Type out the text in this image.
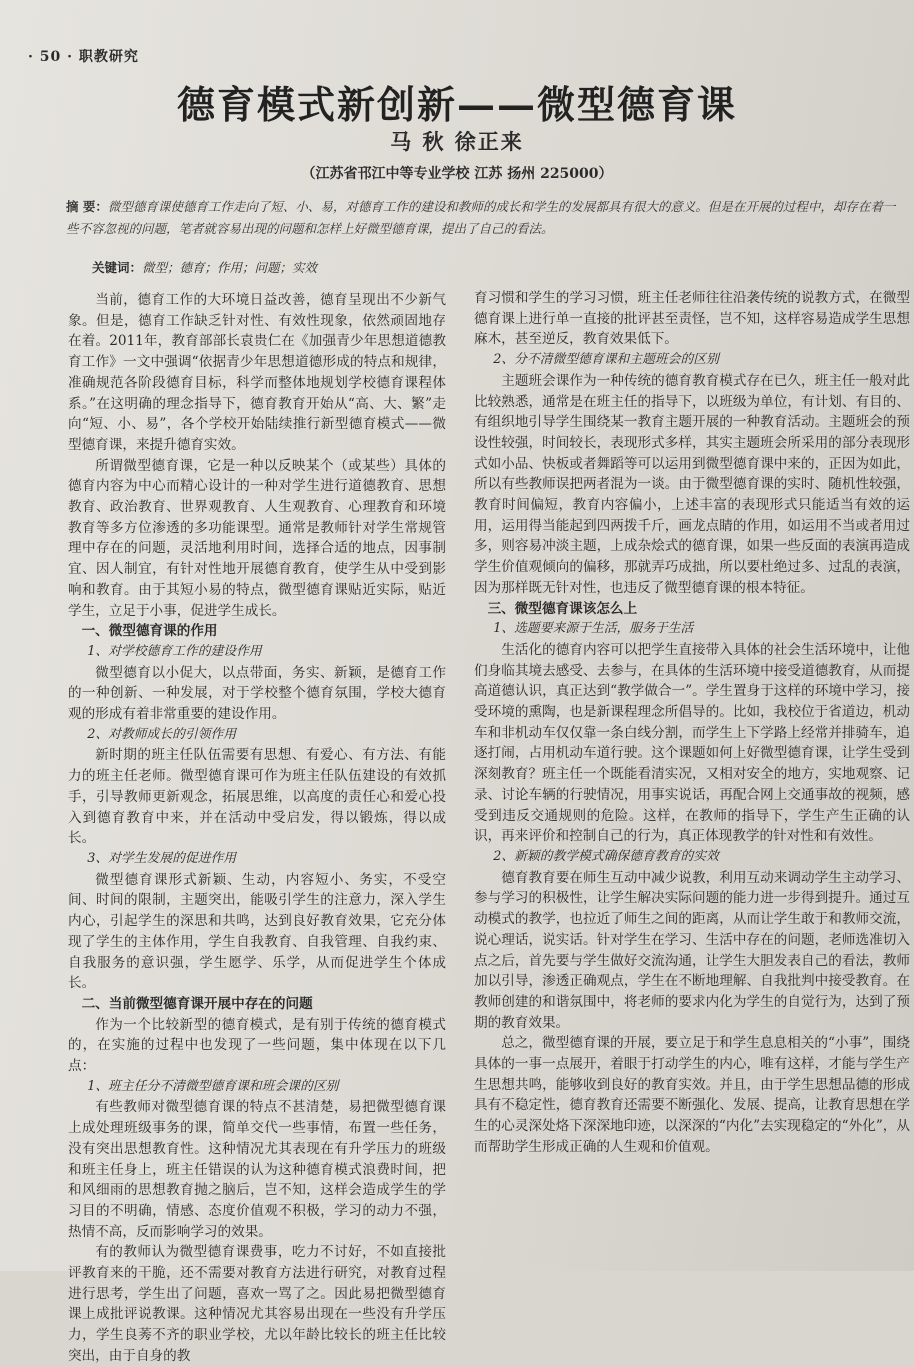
· 50 · 职教研究
德育模式新创新——微型德育课
马 秋 徐正来
（江苏省邗江中等专业学校 江苏 扬州 225000）
摘 要：微型德育课使德育工作走向了短、小、易，对德育工作的建设和教师的成长和学生的发展都具有很大的意义。但是在开展的过程中，却存在着一些不容忽视的问题，笔者就容易出现的问题和怎样上好微型德育课，提出了自己的看法。
关键词：微型；德育；作用；问题；实效

当前，德育工作的大环境日益改善，德育呈现出不少新气象。但是，德育工作缺乏针对性、有效性现象，依然顽固地存在着。2011年，教育部部长袁贵仁在《加强青少年思想道德教育工作》一文中强调“依据青少年思想道德形成的特点和规律，准确规范各阶段德育目标，科学而整体地规划学校德育课程体系。”在这明确的理念指导下，德育教育开始从“高、大、繁”走向“短、小、易”，各个学校开始陆续推行新型德育模式——微型德育课，来提升德育实效。

所谓微型德育课，它是一种以反映某个（或某些）具体的德育内容为中心而精心设计的一种对学生进行道德教育、思想教育、政治教育、世界观教育、人生观教育、心理教育和环境教育等多方位渗透的多功能课型。通常是教师针对学生常规管理中存在的问题，灵活地利用时间，选择合适的地点，因事制宜、因人制宜，有针对性地开展德育教育，使学生从中受到影响和教育。由于其短小易的特点，微型德育课贴近实际，贴近学生，立足于小事，促进学生成长。

一、微型德育课的作用

1、对学校德育工作的建设作用

微型德育以小促大，以点带面，务实、新颖，是德育工作的一种创新、一种发展，对于学校整个德育氛围，学校大德育观的形成有着非常重要的建设作用。

2、对教师成长的引领作用

新时期的班主任队伍需要有思想、有爱心、有方法、有能力的班主任老师。微型德育课可作为班主任队伍建设的有效抓手，引导教师更新观念，拓展思维，以高度的责任心和爱心投入到德育教育中来，并在活动中受启发，得以锻炼，得以成长。

3、对学生发展的促进作用

微型德育课形式新颖、生动，内容短小、务实，不受空间、时间的限制，主题突出，能吸引学生的注意力，深入学生内心，引起学生的深思和共鸣，达到良好教育效果，它充分体现了学生的主体作用，学生自我教育、自我管理、自我约束、自我服务的意识强，学生愿学、乐学，从而促进学生个体成长。

二、当前微型德育课开展中存在的问题

作为一个比较新型的德育模式，是有别于传统的德育模式的，在实施的过程中也发现了一些问题，集中体现在以下几点：

1、班主任分不清微型德育课和班会课的区别

有些教师对微型德育课的特点不甚清楚，易把微型德育课上成处理班级事务的课，简单交代一些事情，布置一些任务，没有突出思想教育性。这种情况尤其表现在有升学压力的班级和班主任身上，班主任错误的认为这种德育模式浪费时间，把和风细雨的思想教育抛之脑后，岂不知，这样会造成学生的学习目的不明确，情感、态度价值观不积极，学习的动力不强，热情不高，反而影响学习的效果。

有的教师认为微型德育课费事，吃力不讨好，不如直接批评教育来的干脆，还不需要对教育方法进行研究，对教育过程进行思考，学生出了问题，喜欢一骂了之。因此易把微型德育课上成批评说教课。这种情况尤其容易出现在一些没有升学压力，学生良莠不齐的职业学校，尤以年龄比较长的班主任比较突出，由于自身的教

育习惯和学生的学习习惯，班主任老师往往沿袭传统的说教方式，在微型德育课上进行单一直接的批评甚至责怪，岂不知，这样容易造成学生思想麻木，甚至逆反，教育效果低下。

2、分不清微型德育课和主题班会的区别

主题班会课作为一种传统的德育教育模式存在已久，班主任一般对此比较熟悉，通常是在班主任的指导下，以班级为单位，有计划、有目的、有组织地引导学生围绕某一教育主题开展的一种教育活动。主题班会的预设性较强，时间较长，表现形式多样，其实主题班会所采用的部分表现形式如小品、快板或者舞蹈等可以运用到微型德育课中来的，正因为如此，所以有些教师误把两者混为一谈。由于微型德育课的实时、随机性较强，教育时间偏短，教育内容偏小，上述丰富的表现形式只能适当有效的运用，运用得当能起到四两拨千斤，画龙点睛的作用，如运用不当或者用过多，则容易冲淡主题，上成杂烩式的德育课，如果一些反面的表演再造成学生价值观倾向的偏移，那就弄巧成拙，所以要杜绝过多、过乱的表演，因为那样既无针对性，也违反了微型德育课的根本特征。

三、微型德育课该怎么上

1、选题要来源于生活，服务于生活

生活化的德育内容可以把学生直接带入具体的社会生活环境中，让他们身临其境去感受、去参与，在具体的生活环境中接受道德教育，从而提高道德认识，真正达到“教学做合一”。学生置身于这样的环境中学习，接受环境的熏陶，也是新课程理念所倡导的。比如，我校位于省道边，机动车和非机动车仅仅靠一条白线分割，而学生上下学路上经常并排骑车，追逐打闹，占用机动车道行驶。这个课题如何上好微型德育课，让学生受到深刻教育？班主任一个既能看清实况，又相对安全的地方，实地观察、记录、讨论车辆的行驶情况，用事实说话，再配合网上交通事故的视频，感受到违反交通规则的危险。这样，在教师的指导下，学生产生正确的认识，再来评价和控制自己的行为，真正体现教学的针对性和有效性。

2、新颖的教学模式确保德育教育的实效

德育教育要在师生互动中减少说教，利用互动来调动学生主动学习、参与学习的积极性，让学生解决实际问题的能力进一步得到提升。通过互动模式的教学，也拉近了师生之间的距离，从而让学生敢于和教师交流，说心理话，说实话。针对学生在学习、生活中存在的问题，老师选准切入点之后，首先要与学生做好交流沟通，让学生大胆发表自己的看法，教师加以引导，渗透正确观点，学生在不断地理解、自我批判中接受教育。在教师创建的和谐氛围中，将老师的要求内化为学生的自觉行为，达到了预期的教育效果。

总之，微型德育课的开展，要立足于和学生息息相关的“小事”，围绕具体的一事一点展开，着眼于打动学生的内心，唯有这样，才能与学生产生思想共鸣，能够收到良好的教育实效。并且，由于学生思想品德的形成具有不稳定性，德育教育还需要不断强化、发展、提高，让教育思想在学生的心灵深处烙下深深地印迹，以深深的“内化”去实现稳定的“外化”，从而帮助学生形成正确的人生观和价值观。
